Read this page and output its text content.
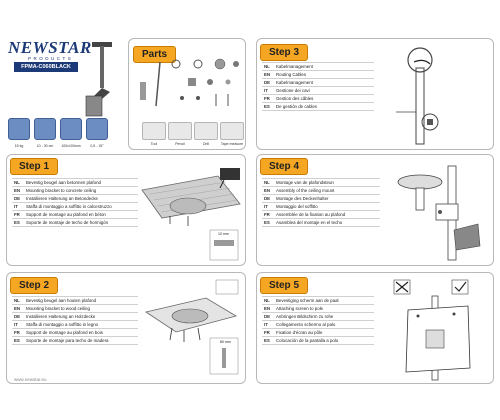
NEWSTAR
PRODUCTS
FPMA-C060BLACK
15 kg	10 - 30 cm	100x100mm	0,5 - 15°
Parts
Tool	Pencil	Drill	Tape measure
Step 3
NL	Kabelmanagement
EN	Routing Cables
DE	Kabelmanagement
IT	Gestione dei cavi
FR	Gestion des câbles
ES	De gestión de cables
Step 1
NL	Bevestig beugel aan betonnen plafond
EN	Mounting bracket to concrete ceiling
DE	Installieren Halterung an Betondecke
IT	Staffa di montaggio a soffitto in calcestruzzo
FR	Support de montage au plafond en béton
ES	Soporte de montaje de techo de hormigón
10 mm
Step 4
NL	Montage van de plafondsteun
EN	Assembly of the ceiling mount
DE	Montage des Deckenhalter
IT	Montaggio del soffitto
FR	Assemblée de la fixation au plafond
ES	Asamblea del montaje en el techo
Step 2
NL	Bevestig beugel aan houten plafond
EN	Mounting bracket to wood ceiling
DE	Installieren Halterung an Holzdecke
IT	Staffa di montaggio a soffitto in legno
FR	Support de montage au plafond en bois
ES	Soporte de montaje para techo de madera	80 mm
www.newstar.eu
Step 5
NL	Bevestiging scherm aan de paal
EN	Attaching screen to pole
DE	Anbringen Bildschirm zu rohe
IT	Collegamento schermo al palo
FR	Fixation d'écran au pôle
ES	Colocación de la pantalla a polo
